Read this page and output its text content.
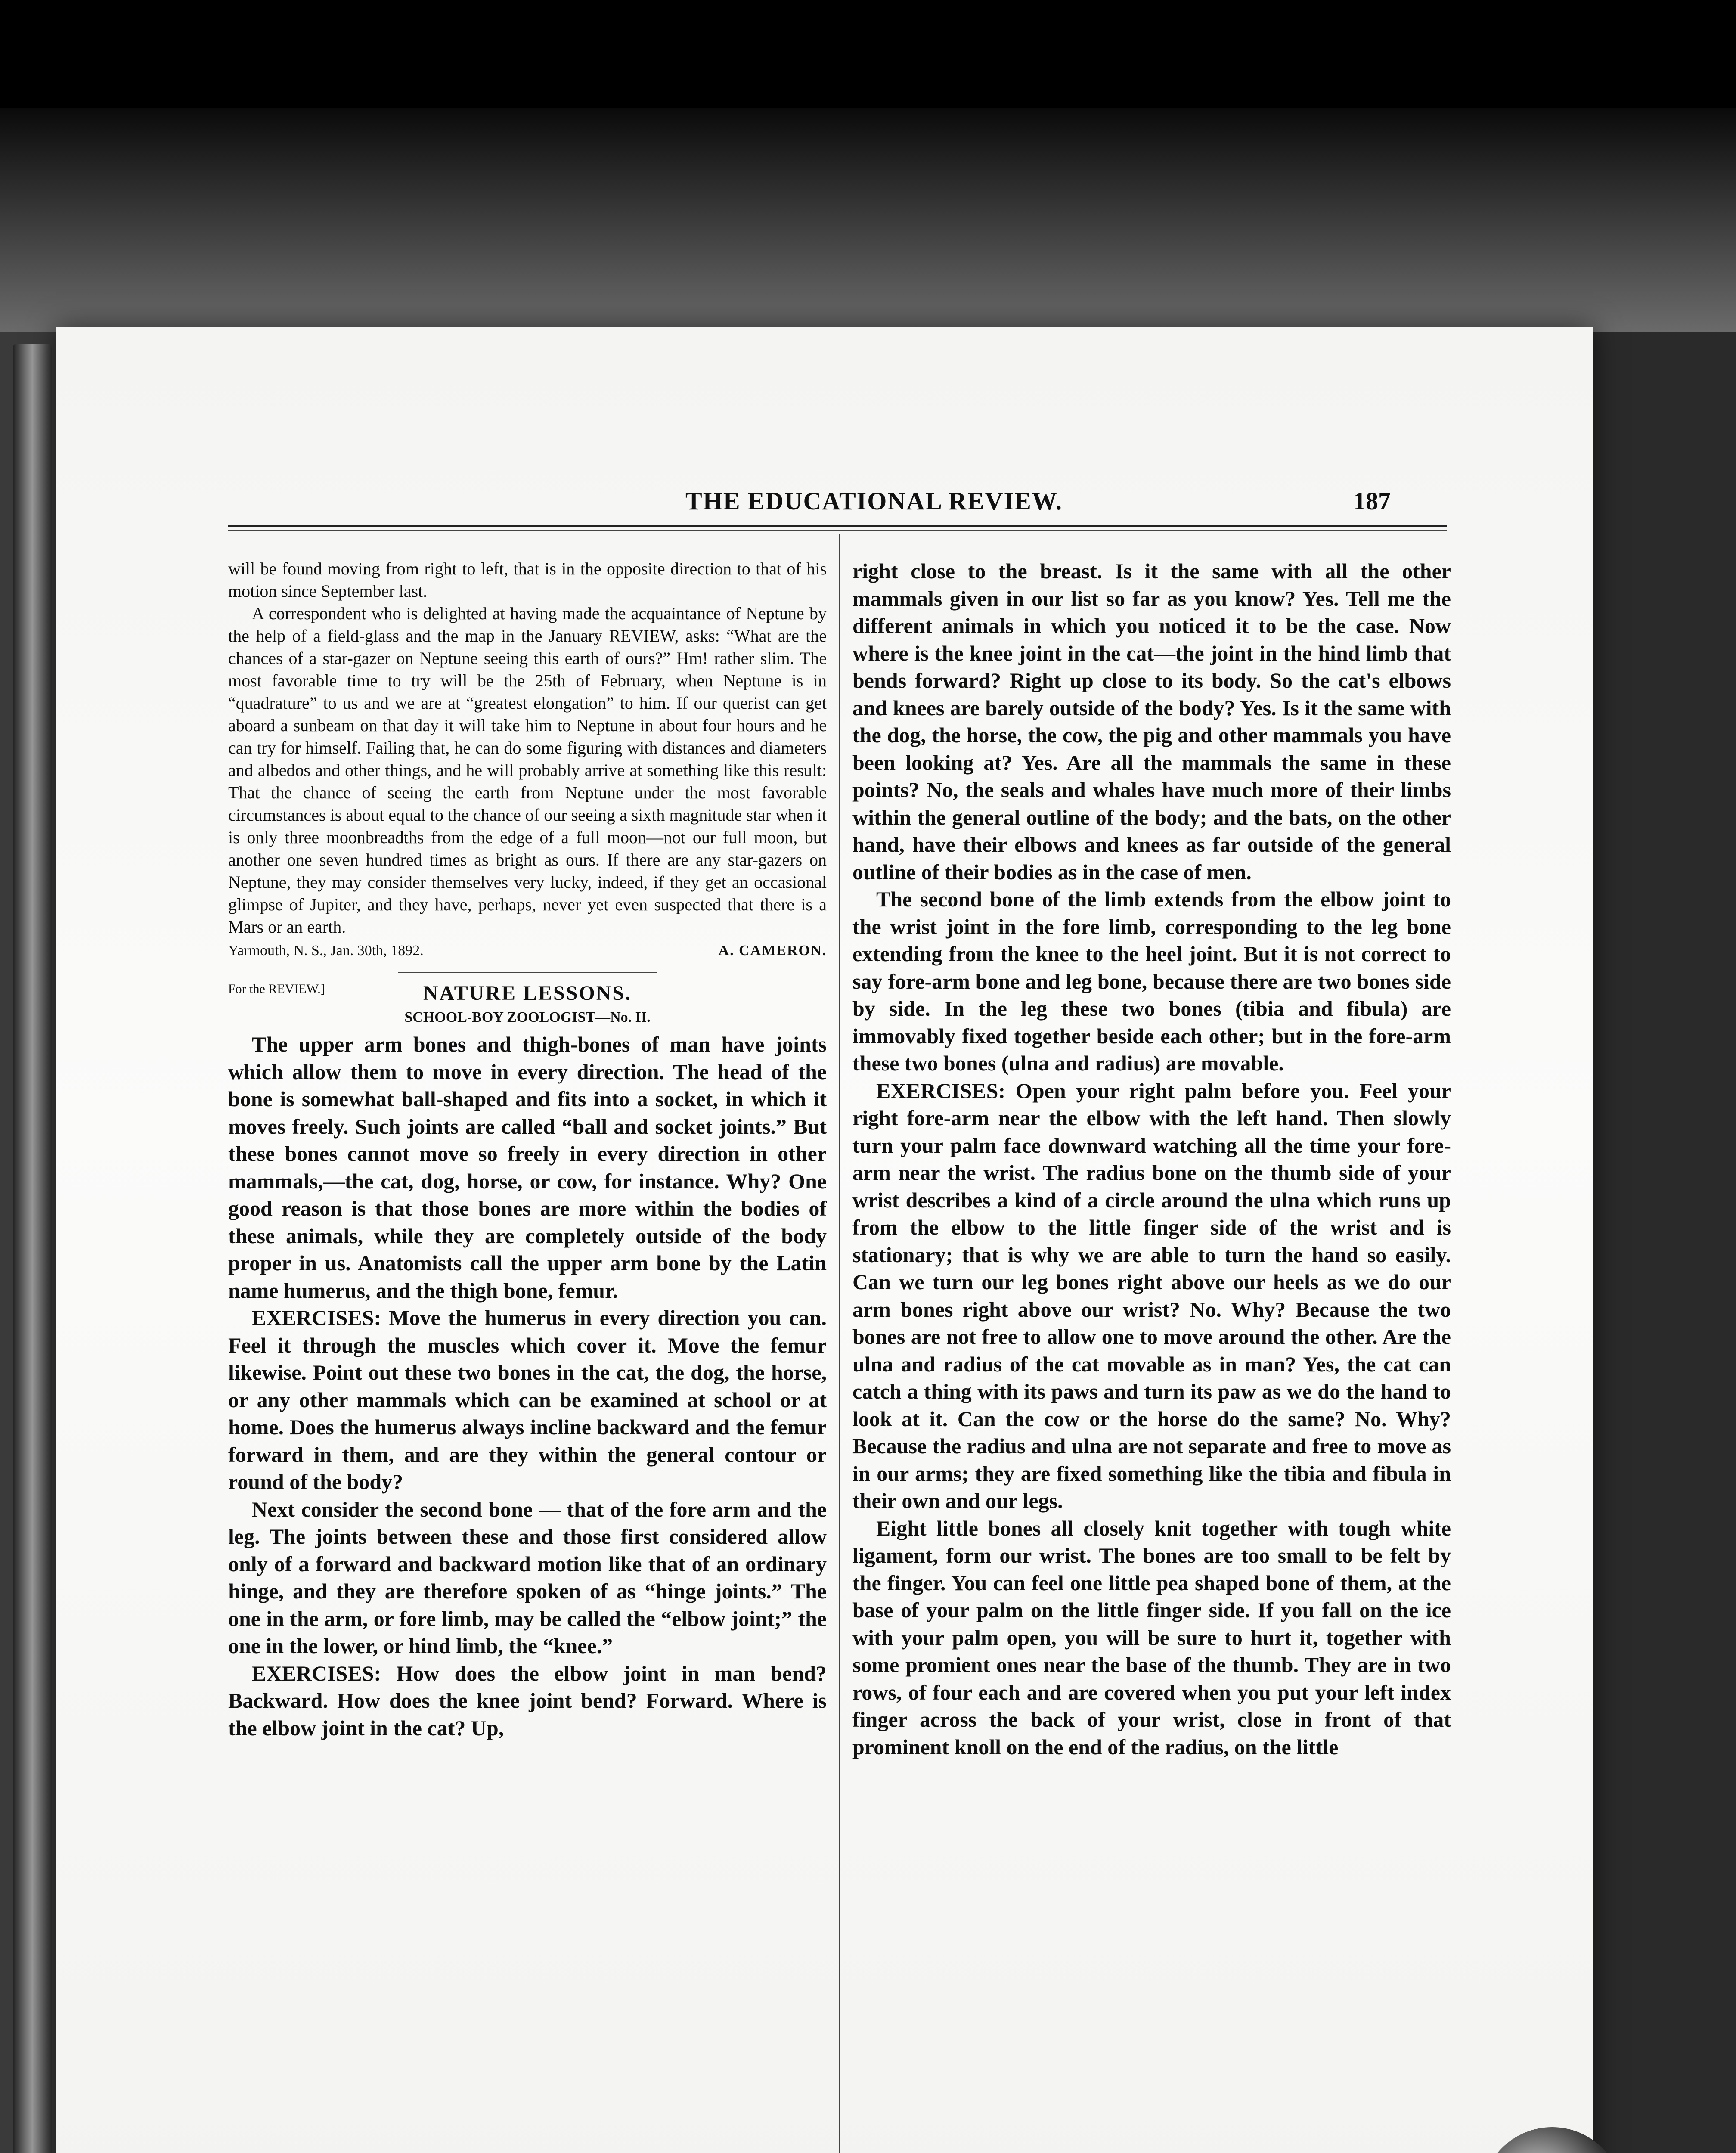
THE EDUCATIONAL REVIEW.	187

will be found moving from right to left, that is in the opposite direction to that of his motion since September last.

A correspondent who is delighted at having made the acquaintance of Neptune by the help of a field-glass and the map in the January REVIEW, asks: “What are the chances of a star-gazer on Neptune seeing this earth of ours?” Hm! rather slim. The most favorable time to try will be the 25th of February, when Neptune is in “quadrature” to us and we are at “greatest elongation” to him. If our querist can get aboard a sunbeam on that day it will take him to Neptune in about four hours and he can try for himself. Failing that, he can do some figuring with distances and diameters and albedos and other things, and he will probably arrive at something like this result: That the chance of seeing the earth from Neptune under the most favorable circumstances is about equal to the chance of our seeing a sixth magnitude star when it is only three moonbreadths from the edge of a full moon—not our full moon, but another one seven hundred times as bright as ours. If there are any star-gazers on Neptune, they may consider themselves very lucky, indeed, if they get an occasional glimpse of Jupiter, and they have, perhaps, never yet even suspected that there is a Mars or an earth.

Yarmouth, N. S., Jan. 30th, 1892.	A. CAMERON.
For the REVIEW.]	NATURE LESSONS.
SCHOOL-BOY ZOOLOGIST—No. II.

The upper arm bones and thigh-bones of man have joints which allow them to move in every direction. The head of the bone is somewhat ball-shaped and fits into a socket, in which it moves freely. Such joints are called “ball and socket joints.” But these bones cannot move so freely in every direction in other mammals,—the cat, dog, horse, or cow, for instance. Why? One good reason is that those bones are more within the bodies of these animals, while they are completely outside of the body proper in us. Anatomists call the upper arm bone by the Latin name humerus, and the thigh bone, femur.

EXERCISES: Move the humerus in every direction you can. Feel it through the muscles which cover it. Move the femur likewise. Point out these two bones in the cat, the dog, the horse, or any other mammals which can be examined at school or at home. Does the humerus always incline backward and the femur forward in them, and are they within the general contour or round of the body?

Next consider the second bone — that of the fore arm and the leg. The joints between these and those first considered allow only of a forward and backward motion like that of an ordinary hinge, and they are therefore spoken of as “hinge joints.” The one in the arm, or fore limb, may be called the “elbow joint;” the one in the lower, or hind limb, the “knee.”

EXERCISES: How does the elbow joint in man bend? Backward. How does the knee joint bend? Forward. Where is the elbow joint in the cat? Up,

right close to the breast. Is it the same with all the other mammals given in our list so far as you know? Yes. Tell me the different animals in which you noticed it to be the case. Now where is the knee joint in the cat—the joint in the hind limb that bends forward? Right up close to its body. So the cat's elbows and knees are barely outside of the body? Yes. Is it the same with the dog, the horse, the cow, the pig and other mammals you have been looking at? Yes. Are all the mammals the same in these points? No, the seals and whales have much more of their limbs within the general outline of the body; and the bats, on the other hand, have their elbows and knees as far outside of the general outline of their bodies as in the case of men.

The second bone of the limb extends from the elbow joint to the wrist joint in the fore limb, corresponding to the leg bone extending from the knee to the heel joint. But it is not correct to say fore-arm bone and leg bone, because there are two bones side by side. In the leg these two bones (tibia and fibula) are immovably fixed together beside each other; but in the fore-arm these two bones (ulna and radius) are movable.

EXERCISES: Open your right palm before you. Feel your right fore-arm near the elbow with the left hand. Then slowly turn your palm face downward watching all the time your fore-arm near the wrist. The radius bone on the thumb side of your wrist describes a kind of a circle around the ulna which runs up from the elbow to the little finger side of the wrist and is stationary; that is why we are able to turn the hand so easily. Can we turn our leg bones right above our heels as we do our arm bones right above our wrist? No. Why? Because the two bones are not free to allow one to move around the other. Are the ulna and radius of the cat movable as in man? Yes, the cat can catch a thing with its paws and turn its paw as we do the hand to look at it. Can the cow or the horse do the same? No. Why? Because the radius and ulna are not separate and free to move as in our arms; they are fixed something like the tibia and fibula in their own and our legs.

Eight little bones all closely knit together with tough white ligament, form our wrist. The bones are too small to be felt by the finger. You can feel one little pea shaped bone of them, at the base of your palm on the little finger side. If you fall on the ice with your palm open, you will be sure to hurt it, together with some promient ones near the base of the thumb. They are in two rows, of four each and are covered when you put your left index finger across the back of your wrist, close in front of that prominent knoll on the end of the radius, on the little
